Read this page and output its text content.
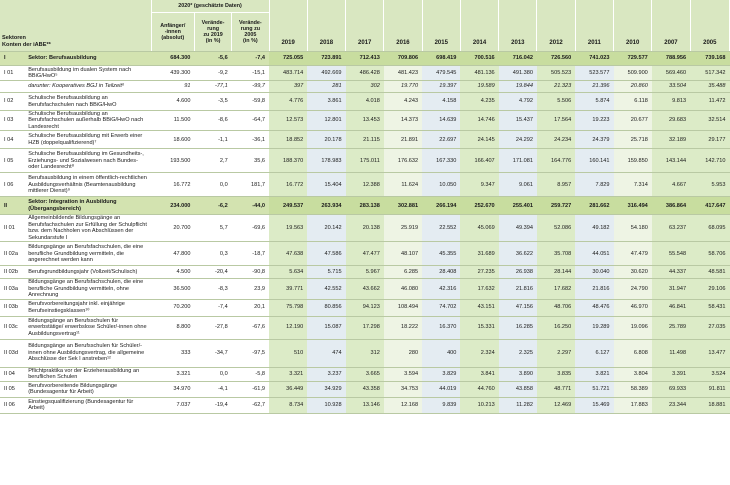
Sektoren
Konten der iABE**		2020* (geschätzte Daten)			2019	2018	2017	2016	2015	2014	2013	2012	2011	2010	2007	2005
		Anfänger/
-innen
(absolut)	Verände-
rung
zu 2019
(in %)	Verände-
rung zu
2005
(in %)												
I	Sektor: Berufsausbildung	684.300	-5,6	-7,4	725.055	723.891	712.413	709.806	698.419	700.516	716.042	726.560	741.023	729.577	788.956	739.168
I 01	Berufsausbildung im dualen System nach BBiG/HwO⁵	439.300	-9,2	-15,1	483.714	492.669	486.428	481.423	479.545	481.136	491.380	505.523	523.577	509.900	569.460	517.342
	darunter: Kooperatives BGJ in Teilzeit⁶	91	-77,1	-99,7	397	281	302	19.770	19.397	19.589	19.844	21.323	21.396	20.860	33.504	35.488
I 02	Schulische Berufsausbildung an Berufsfachschulen nach BBiG/HwO	4.600	-3,5	-59,8	4.776	3.861	4.018	4.243	4.158	4.235	4.792	5.506	5.874	6.118	9.813	11.472
I 03	Schulische Berufsausbildung an Berufsfachschulen außerhalb BBiG/HwO nach Landesrecht	11.500	-8,6	-64,7	12.573	12.801	13.453	14.373	14.639	14.746	15.437	17.564	19.223	20.677	29.683	32.514
I 04	Schulische Berufsausbildung mit Erwerb einer HZB (doppelqualifizierend)⁷	18.600	-1,1	-36,1	18.852	20.178	21.115	21.891	22.697	24.145	24.292	24.234	24.379	25.718	32.189	29.177
I 05	Schulische Berufsausbildung im Gesundheits-, Erziehungs- und Sozialwesen nach Bundes- oder Landesrecht⁸	193.500	2,7	35,6	188.370	178.983	175.011	176.632	167.330	166.407	171.081	164.776	160.141	159.850	143.144	142.710
I 06	Berufsausbildung in einem öffentlich-rechtlichen Ausbildungsverhältnis (Beamtenausbildung mittlerer Dienst)⁹	16.772	0,0	181,7	16.772	15.404	12.388	11.624	10.050	9.347	9.061	8.957	7.829	7.314	4.667	5.953
II	Sektor: Integration in Ausbildung (Übergangsbereich)	234.000	-6,2	-44,0	249.537	263.934	283.138	302.881	266.194	252.670	255.401	259.727	281.662	316.494	386.864	417.647
II 01	Allgemeinbildende Bildungsgänge an Berufsfachschulen zur Erfüllung der Schulpflicht bzw. dem Nachholen von Abschlüssen der Sekundarstufe I	20.700	5,7	-69,6	19.563	20.142	20.138	25.919	22.552	45.069	49.394	52.086	49.182	54.180	63.237	68.095
II 02a	Bildungsgänge an Berufsfachschulen, die eine berufliche Grundbildung vermitteln, die angerechnet werden kann	47.800	0,3	-18,7	47.638	47.586	47.477	48.107	45.355	31.689	36.622	35.708	44.051	47.479	55.548	58.706
II 02b	Berufsgrundbildungsjahr (Vollzeit/Schulisch)	4.500	-20,4	-90,8	5.634	5.715	5.967	6.285	28.408	27.235	26.938	28.144	30.040	30.620	44.337	48.581
II 03a	Bildungsgänge an Berufsfachschulen, die eine berufliche Grundbildung vermitteln, ohne Anrechnung	36.500	-8,3	23,9	39.771	42.552	43.662	46.080	42.316	17.632	21.816	17.682	21.816	24.790	31.947	29.106
II 03b	Berufsvorbereitungsjahr inkl. einjährige Berufseinstiegsklassen¹⁰	70.200	-7,4	20,1	75.798	80.856	94.123	108.494	74.702	43.151	47.156	48.706	48.476	46.970	46.841	58.431
II 03c	Bildungsgänge an Berufsschulen für erwerbstätige/ erwerbslose Schüler/-innen ohne Ausbildungsvertrag¹¹	8.800	-27,8	-67,6	12.190	15.087	17.298	18.222	16.370	15.331	16.285	16.250	19.289	19.096	25.789	27.035
II 03d	Bildungsgänge an Berufsschulen für Schüler/-innen ohne Ausbildungsvertrag, die allgemeine Abschlüsse der Sek I anstreben¹²	333	-34,7	-97,5	510	474	312	280	400	2.324	2.325	2.297	6.127	6.808	11.498	13.477
II 04	Pflichtpraktika vor der Erzieherausbildung an beruflichen Schulen	3.321	0,0	-5,8	3.321	3.237	3.665	3.594	3.829	3.841	3.890	3.835	3.821	3.804	3.391	3.524
II 05	Berufsvorbereitende Bildungsgänge (Bundesagentur für Arbeit)	34.970	-4,1	-61,9	36.449	34.929	43.358	34.753	44.019	44.760	43.858	48.771	51.721	58.389	69.933	91.811
II 06	Einstiegsqualifizierung (Bundesagentur für Arbeit)	7.037	-19,4	-62,7	8.734	10.928	13.146	12.168	9.839	10.213	11.282	12.469	15.469	17.883	23.344	18.881
